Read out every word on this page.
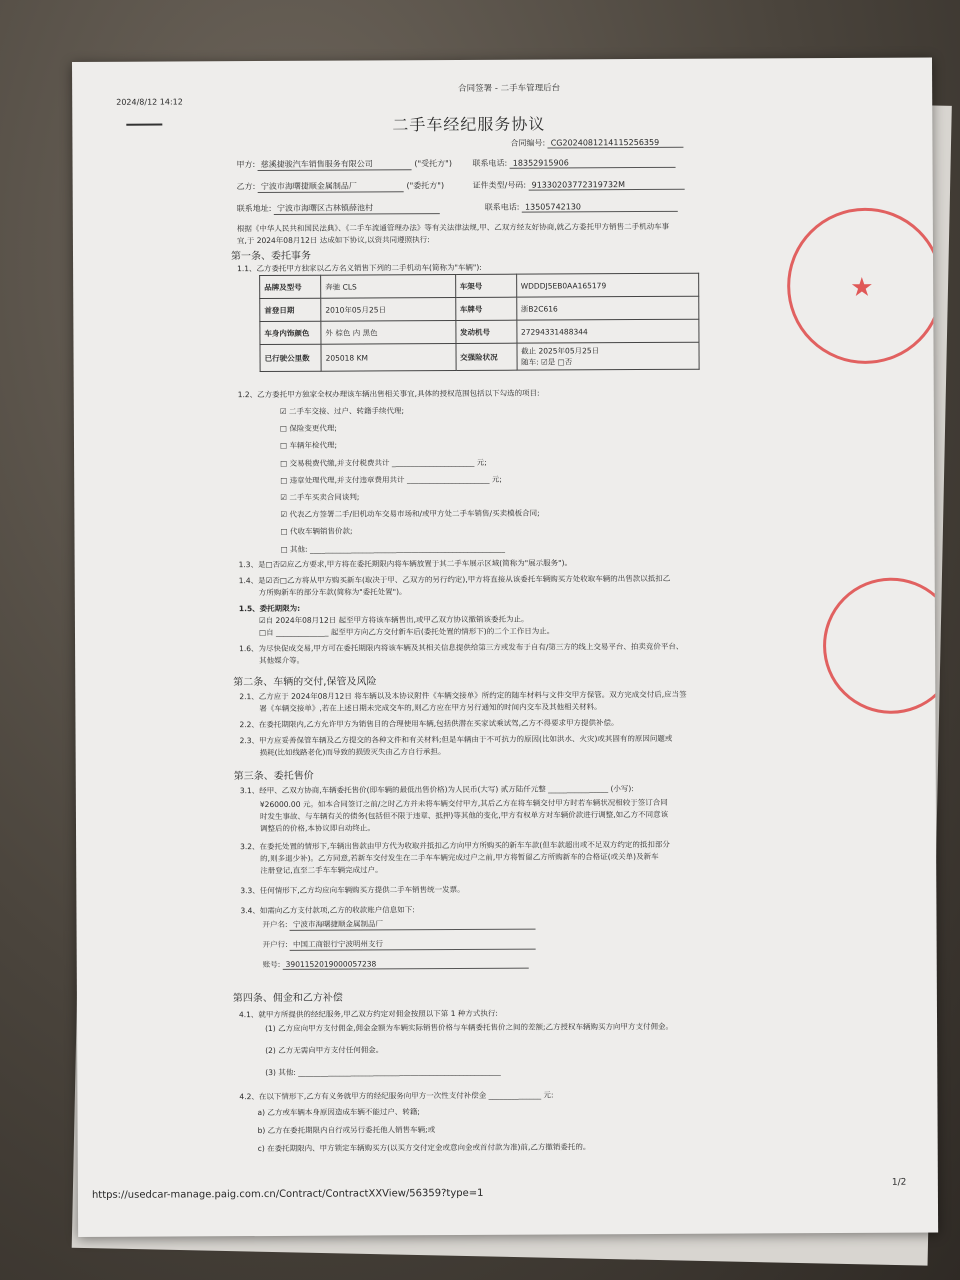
2024/8/12 14:12
合同签署 - 二手车管理后台
二手车经纪服务协议
合同编号: CG20240812141152563​59
甲方: 慈溪捷骏汽车销售服务有限公司	("受托方")	联系电话: 18352915906
乙方: 宁波市海曙捷顺金属制品厂	("委托方")	证件类型/号码: 91330203772319732M
联系地址: 宁波市海曙区古林镇薛池村	联系电话: 13505742130
根据《中华人民共和国民法典》、《二手车流通管理办法》等有关法律法规,甲、乙双方经友好协商,就乙方委托甲方销售二手机动车事
宜,于 2024年08月12日 达成如下协议,以资共同遵照执行:
第一条、委托事务
1.1、乙方委托甲方独家以乙方名义销售下列的二手机动车(简称为"车辆"):
品牌及型号	奔驰 CLS	车架号	WDDDJ5EB0AA165179
首登日期	2010年05月25日	车牌号	浙B2C616
车身内饰颜色	外 棕色 内 黑色	发动机号	27294331488344
已行驶公里数	205018 KM	交强险状况	截止 2025年05月25日
随车: ☑是 □否
1.2、乙方委托甲方独家全权办理该车辆出售相关事宜,具体的授权范围包括以下勾选的项目:
☑ 二手车交接、过户、转籍手续代理;
□ 保险变更代理;
□ 车辆年检代理;
□ 交易税费代缴,并支付税费共计 ______________________ 元;
□ 违章处理代理,并支付违章费用共计 ______________________ 元;
☑ 二手车买卖合同谈判;
☑ 代表乙方签署二手/旧机动车交易市场和/或甲方处二手车销售/买卖模板合同;
□ 代收车辆销售价款;
□ 其他: ____________________________________________________
1.3、是□否☑应乙方要求,甲方将在委托期限内将车辆放置于其二手车展示区域(简称为"展示服务")。
1.4、是☑否□乙方将从甲方购买新车(取决于甲、乙双方的另行约定),甲方将直接从该委托车辆购买方处收取车辆的出售款以抵扣乙
方所购新车的部分车款(简称为"委托处置")。
1.5、委托期限为:
☑自 2024年08月12日 起至甲方将该车辆售出,或甲乙双方协议撤销该委托为止。
□自 ______________ 起至甲方向乙方交付新车后(委托处置的情形下)的二个工作日为止。
1.6、为尽快促成交易,甲方可在委托期限内将该车辆及其相关信息提供给第三方或发布于自有/第三方的线上交易平台、拍卖竞价平台、
其他媒介等。
第二条、车辆的交付,保管及风险
2.1、乙方应于 2024年08月12日 将车辆以及本协议附件《车辆交接单》所约定的随车材料与文件交甲方保管。双方完成交付后,应当签
署《车辆交接单》,若在上述日期未完成交车的,则乙方应在甲方另行通知的时间内交车及其他相关材料。
2.2、在委托期限内,乙方允许甲方为销售目的合理使用车辆,包括供潜在买家试乘试驾,乙方不得要求甲方提供补偿。
2.3、甲方应妥善保管车辆及乙方提交的各种文件和有关材料;但是车辆由于不可抗力的原因(比如洪水、火灾)或其固有的原因问题或
损耗(比如线路老化)而导致的损毁灭失由乙方自行承担。
第三条、委托售价
3.1、经甲、乙双方协商,车辆委托售价(即车辆的最低出售价格)为人民币(大写) 贰万陆仟元整 ________________ (小写):
¥26000.00 元。如本合同签订之前/之时乙方并未将车辆交付甲方,其后乙方在将车辆交付甲方时若车辆状况相较于签订合同
时发生事故、与车辆有关的债务(包括但不限于违章、抵押)等其他的变化,甲方有权单方对车辆价款进行调整,如乙方不同意该
调整后的价格,本协议即自动终止。
3.2、在委托处置的情形下,车辆出售款由甲方代为收取并抵扣乙方向甲方所购买的新车车款(但车款超出或不足双方约定的抵扣部分
的,则多退少补)。乙方同意,若新车交付发生在二手车车辆完成过户之前,甲方将暂留乙方所购新车的合格证(或关单)及新车
注册登记,直至二手车车辆完成过户。
3.3、任何情形下,乙方均应向车辆购买方提供二手车销售统一发票。
3.4、如需向乙方支付款项,乙方的收款账户信息如下:
开户名: 宁波市海曙捷顺金属制品厂
开户行: 中国工商银行宁波明州支行
账号: 3901152019000057238
第四条、佣金和乙方补偿
4.1、就甲方所提供的经纪服务,甲乙双方约定对佣金按照以下第 1 种方式执行:
(1) 乙方应向甲方支付佣金,佣金金额为车辆实际销售价格与车辆委托售价之间的差额;乙方授权车辆购买方向甲方支付佣金。
(2) 乙方无需向甲方支付任何佣金。
(3) 其他: ______________________________________________________
4.2、在以下情形下,乙方有义务就甲方的经纪服务向甲方一次性支付补偿金 ______________ 元:
a) 乙方或车辆本身原因造成车辆不能过户、转籍;
b) 乙方在委托期限内自行或另行委托他人销售车辆;或
c) 在委托期限内、甲方锁定车辆购买方(以买方交付定金或意向金或首付款为准)前,乙方撤销委托的。
https://usedcar-manage.paig.com.cn/Contract/ContractXXView/56359?type=1
1/2
★
